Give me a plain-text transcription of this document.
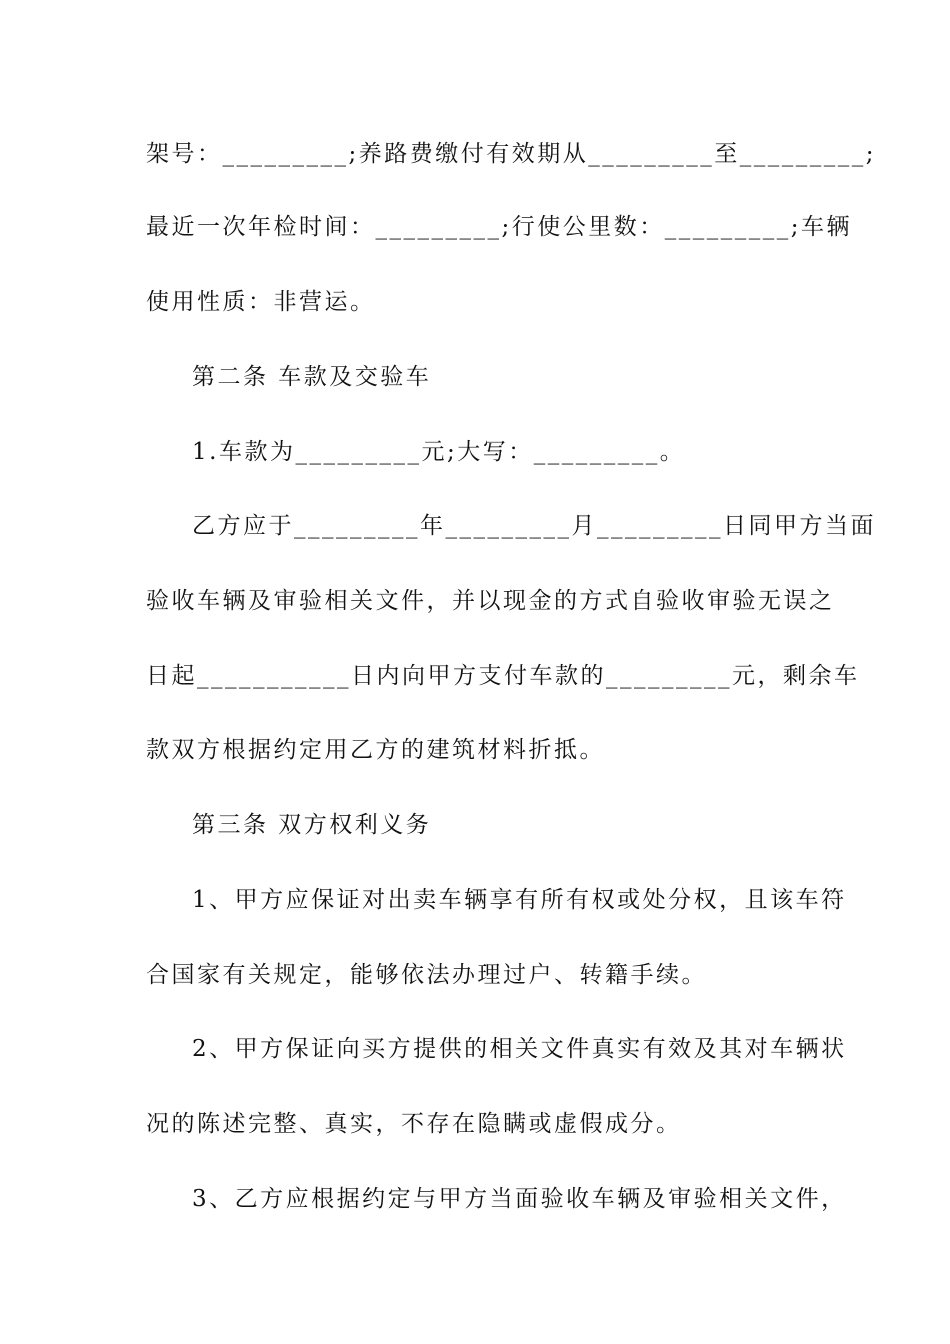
架号：_________;养路费缴付有效期从_________至_________;
最近一次年检时间：_________;行使公里数：_________;车辆
使用性质：非营运。
第二条 车款及交验车
1.车款为_________元;大写：_________。
乙方应于_________年_________月_________日同甲方当面
验收车辆及审验相关文件，并以现金的方式自验收审验无误之
日起___________日内向甲方支付车款的_________元，剩余车
款双方根据约定用乙方的建筑材料折抵。
第三条 双方权利义务
1、甲方应保证对出卖车辆享有所有权或处分权，且该车符
合国家有关规定，能够依法办理过户、转籍手续。
2、甲方保证向买方提供的相关文件真实有效及其对车辆状
况的陈述完整、真实，不存在隐瞒或虚假成分。
3、乙方应根据约定与甲方当面验收车辆及审验相关文件，
